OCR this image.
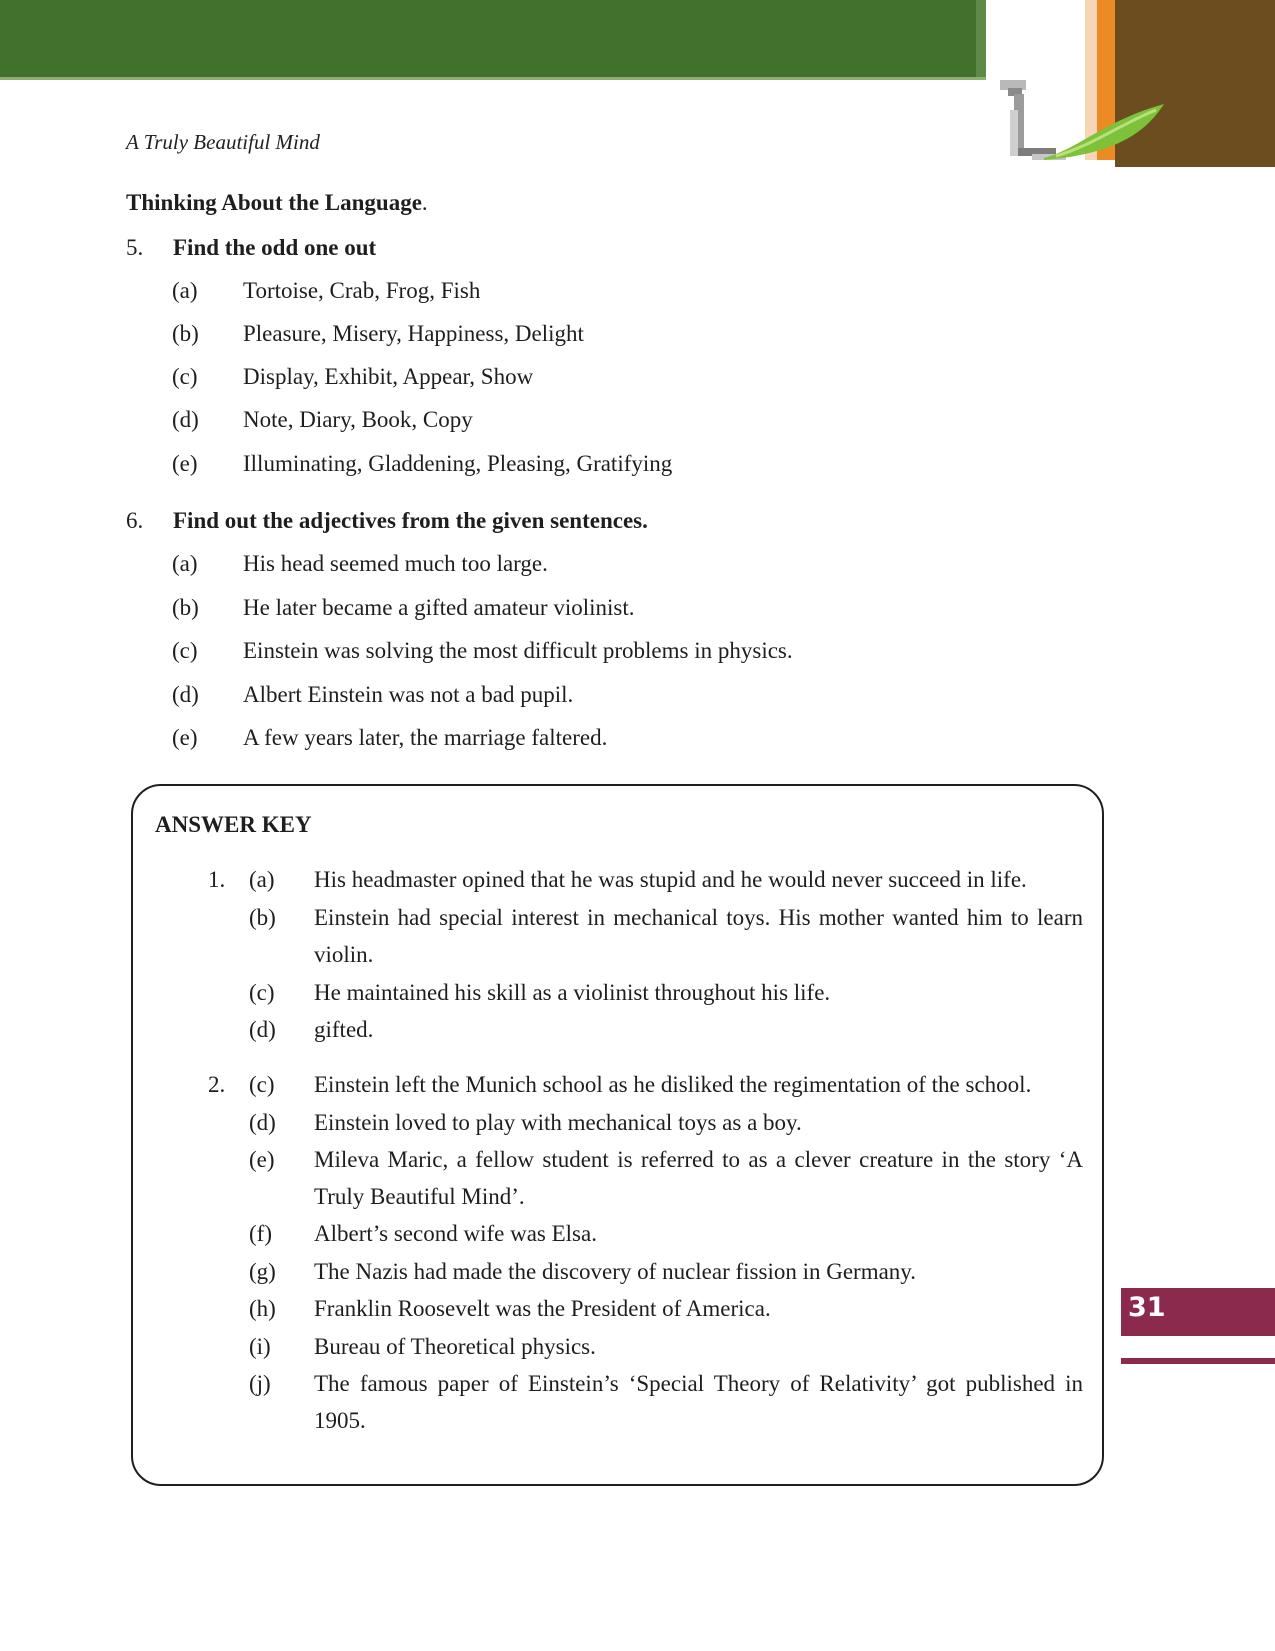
A Truly Beautiful Mind
Thinking About the Language.
5.	Find the odd one out
(a) Tortoise, Crab, Frog, Fish
(b) Pleasure, Misery, Happiness, Delight
(c) Display, Exhibit, Appear, Show
(d) Note, Diary, Book, Copy
(e) Illuminating, Gladdening, Pleasing, Gratifying
6.	Find out the adjectives from the given sentences.
(a) His head seemed much too large.
(b) He later became a gifted amateur violinist.
(c) Einstein was solving the most difficult problems in physics.
(d) Albert Einstein was not a bad pupil.
(e) A few years later, the marriage faltered.
ANSWER KEY
1. (a) His headmaster opined that he was stupid and he would never succeed in life.
(b) Einstein had special interest in mechanical toys. His mother wanted him to learn violin.
(c) He maintained his skill as a violinist throughout his life.
(d) gifted.
2. (c) Einstein left the Munich school as he disliked the regimentation of the school.
(d) Einstein loved to play with mechanical toys as a boy.
(e) Mileva Maric, a fellow student is referred to as a clever creature in the story ‘A Truly Beautiful Mind’.
(f) Albert’s second wife was Elsa.
(g) The Nazis had made the discovery of nuclear fission in Germany.
(h) Franklin Roosevelt was the President of America.
(i) Bureau of Theoretical physics.
(j) The famous paper of Einstein’s ‘Special Theory of Relativity’ got published in 1905.
31
